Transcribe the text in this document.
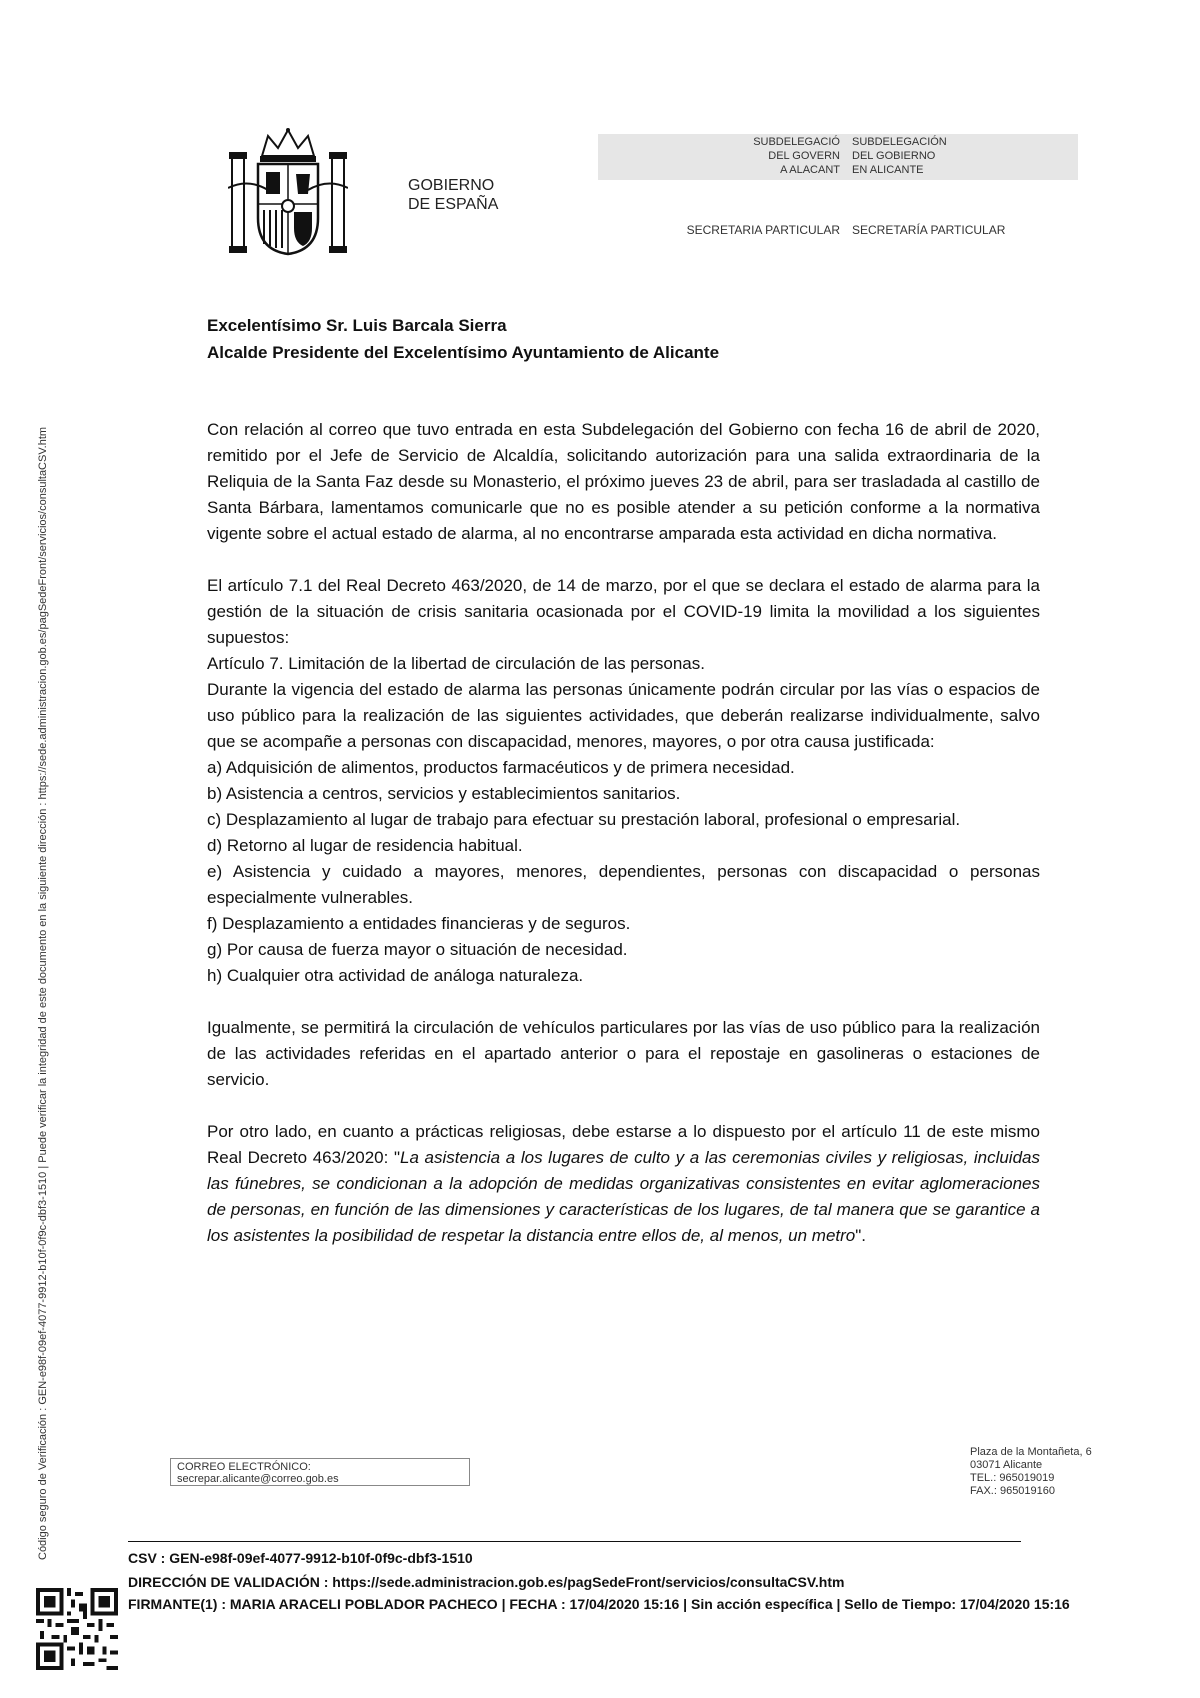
GOBIERNO
DE ESPAÑA
SUBDELEGACIÓ
DEL GOVERN
A ALACANT
SUBDELEGACIÓN
DEL GOBIERNO
EN ALICANTE
SECRETARIA PARTICULAR SECRETARÍA PARTICULAR
Excelentísimo Sr. Luis Barcala Sierra
Alcalde Presidente del Excelentísimo Ayuntamiento de Alicante

Con relación al correo que tuvo entrada en esta Subdelegación del Gobierno con fecha 16 de abril de 2020, remitido por el Jefe de Servicio de Alcaldía, solicitando autorización para una salida extraordinaria de la Reliquia de la Santa Faz desde su Monasterio, el próximo jueves 23 de abril, para ser trasladada al castillo de Santa Bárbara, lamentamos comunicarle que no es posible atender a su petición conforme a la normativa vigente sobre el actual estado de alarma, al no encontrarse amparada esta actividad en dicha normativa.

El artículo 7.1 del Real Decreto 463/2020, de 14 de marzo, por el que se declara el estado de alarma para la gestión de la situación de crisis sanitaria ocasionada por el COVID-19 limita la movilidad a los siguientes supuestos:

Artículo 7. Limitación de la libertad de circulación de las personas.

Durante la vigencia del estado de alarma las personas únicamente podrán circular por las vías o espacios de uso público para la realización de las siguientes actividades, que deberán realizarse individualmente, salvo que se acompañe a personas con discapacidad, menores, mayores, o por otra causa justificada:

a) Adquisición de alimentos, productos farmacéuticos y de primera necesidad.

b) Asistencia a centros, servicios y establecimientos sanitarios.

c) Desplazamiento al lugar de trabajo para efectuar su prestación laboral, profesional o empresarial.

d) Retorno al lugar de residencia habitual.

e) Asistencia y cuidado a mayores, menores, dependientes, personas con discapacidad o personas especialmente vulnerables.

f) Desplazamiento a entidades financieras y de seguros.

g) Por causa de fuerza mayor o situación de necesidad.

h) Cualquier otra actividad de análoga naturaleza.

Igualmente, se permitirá la circulación de vehículos particulares por las vías de uso público para la realización de las actividades referidas en el apartado anterior o para el repostaje en gasolineras o estaciones de servicio.

Por otro lado, en cuanto a prácticas religiosas, debe estarse a lo dispuesto por el artículo 11 de este mismo Real Decreto 463/2020: "La asistencia a los lugares de culto y a las ceremonias civiles y religiosas, incluidas las fúnebres, se condicionan a la adopción de medidas organizativas consistentes en evitar aglomeraciones de personas, en función de las dimensiones y características de los lugares, de tal manera que se garantice a los asistentes la posibilidad de respetar la distancia entre ellos de, al menos, un metro".

CORREO ELECTRÓNICO:
secrepar.alicante@correo.gob.es
Plaza de la Montañeta, 6
03071 Alicante
TEL.: 965019019
FAX.: 965019160
Código seguro de Verificación : GEN-e98f-09ef-4077-9912-b10f-0f9c-dbf3-1510 | Puede verificar la integridad de este documento en la siguiente dirección : https://sede.administracion.gob.es/pagSedeFront/servicios/consultaCSV.htm	CSV : GEN-e98f-09ef-4077-9912-b10f-0f9c-dbf3-1510
DIRECCIÓN DE VALIDACIÓN : https://sede.administracion.gob.es/pagSedeFront/servicios/consultaCSV.htm
FIRMANTE(1) : MARIA ARACELI POBLADOR PACHECO | FECHA : 17/04/2020 15:16 | Sin acción específica | Sello de Tiempo: 17/04/2020 15:16
